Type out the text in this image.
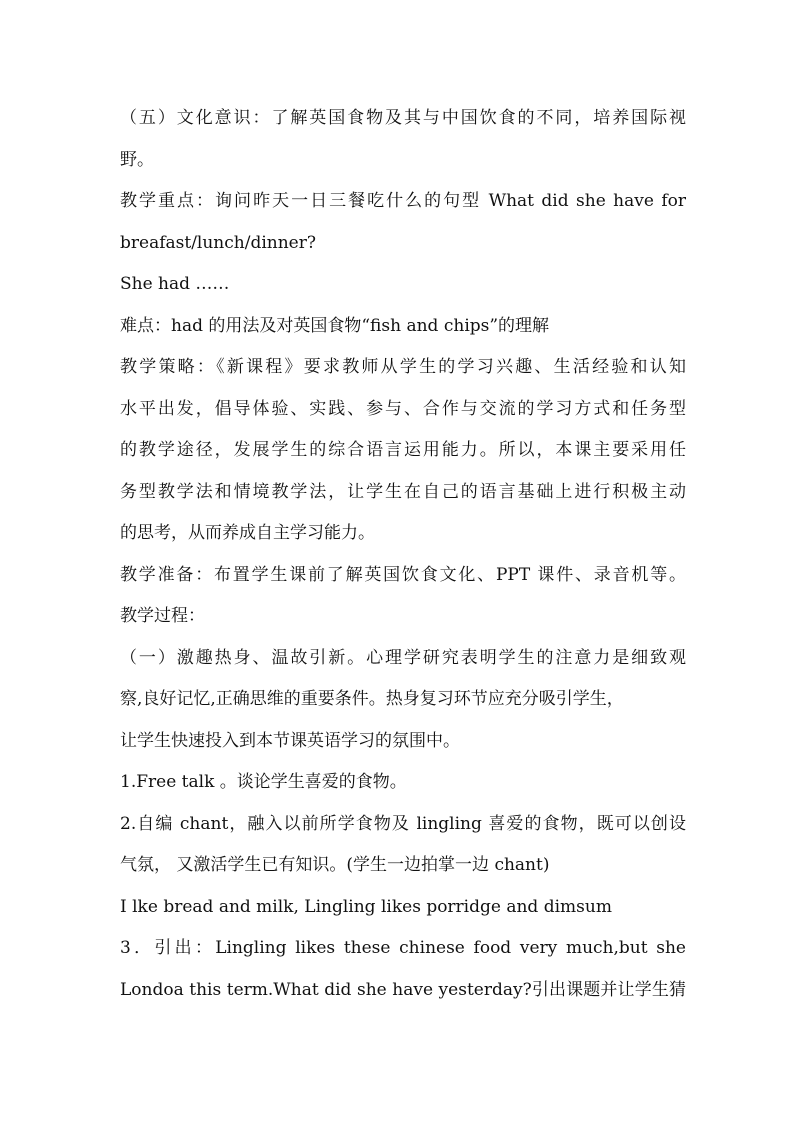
（五）文化意识：了解英国食物及其与中国饮食的不同，培养国际视
野。
教学重点：询问昨天一日三餐吃什么的句型 What did she have for
breafast/lunch/dinner?
She had ……
难点：had 的用法及对英国食物“fish and chips”的理解
教学策略：《新课程》要求教师从学生的学习兴趣、生活经验和认知
水平出发，倡导体验、实践、参与、合作与交流的学习方式和任务型
的教学途径，发展学生的综合语言运用能力。所以，本课主要采用任
务型教学法和情境教学法，让学生在自己的语言基础上进行积极主动
的思考，从而养成自主学习能力。
教学准备：布置学生课前了解英国饮食文化、PPT 课件、录音机等。
教学过程：
（一）激趣热身、温故引新。心理学研究表明学生的注意力是细致观
察,良好记忆,正确思维的重要条件。热身复习环节应充分吸引学生，
让学生快速投入到本节课英语学习的氛围中。
1.Free talk 。谈论学生喜爱的食物。
2.自编 chant，融入以前所学食物及 lingling 喜爱的食物，既可以创设
气氛， 又激活学生已有知识。(学生一边拍掌一边 chant)
I lke bread and milk, Lingling likes porridge and dimsum
3．引出：Lingling likes these chinese food very much,but she
Londoa this term.What did she have yesterday?引出课题并让学生猜
